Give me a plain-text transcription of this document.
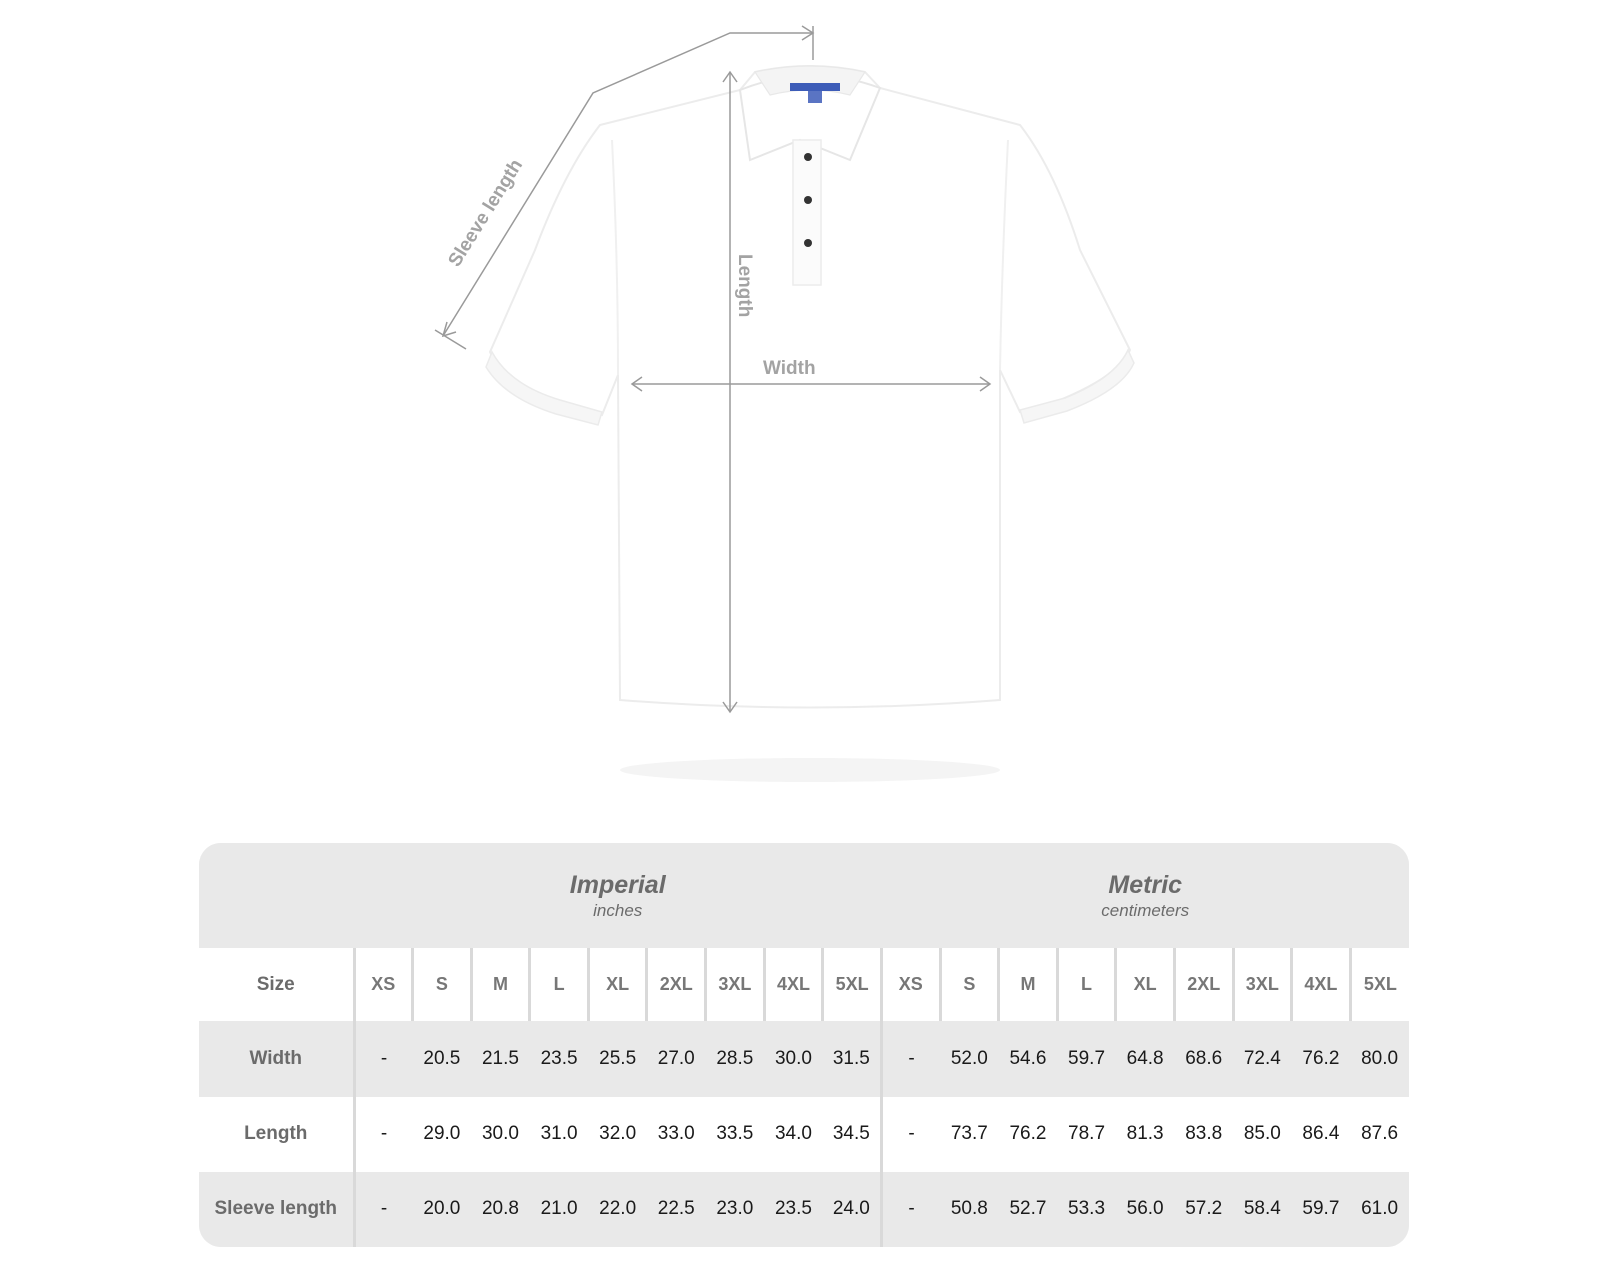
Sleeve length
Length
Width

	Imperial
inches									Metric
centimeters								

Size	XS	S	M	L	XL	2XL	3XL	4XL	5XL	XS	S	M	L	XL	2XL	3XL	4XL	5XL
Width	-	20.5	21.5	23.5	25.5	27.0	28.5	30.0	31.5	-	52.0	54.6	59.7	64.8	68.6	72.4	76.2	80.0
Length	-	29.0	30.0	31.0	32.0	33.0	33.5	34.0	34.5	-	73.7	76.2	78.7	81.3	83.8	85.0	86.4	87.6
Sleeve length	-	20.0	20.8	21.0	22.0	22.5	23.0	23.5	24.0	-	50.8	52.7	53.3	56.0	57.2	58.4	59.7	61.0
